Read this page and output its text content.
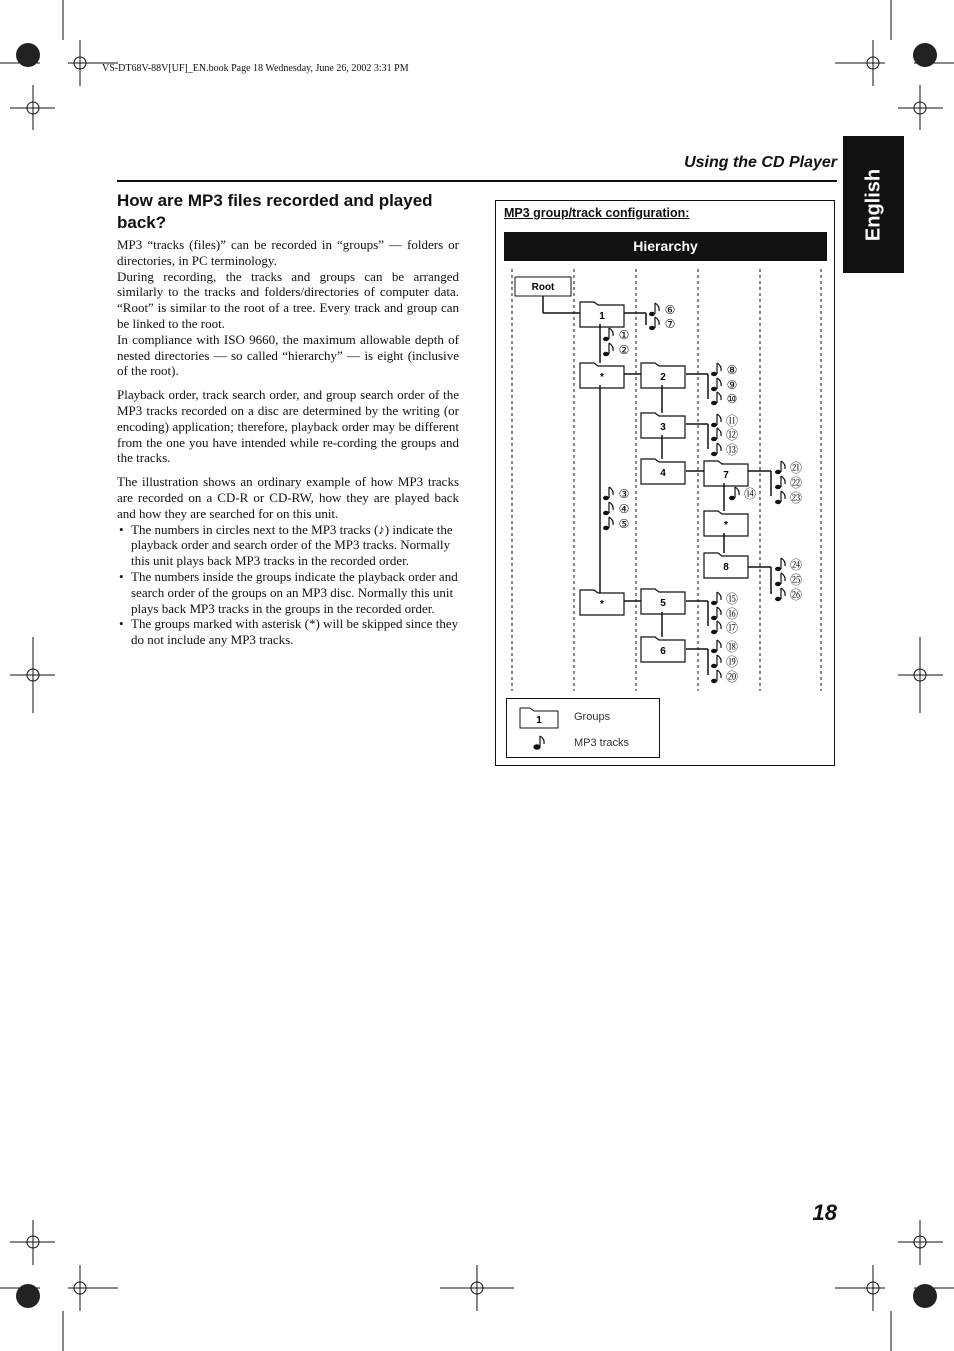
VS-DT68V-88V[UF]_EN.book Page 18 Wednesday, June 26, 2002 3:31 PM
Using the CD Player
English
How are MP3 files recorded and played back?

MP3 “tracks (files)” can be recorded in “groups” — folders or directories, in PC terminology.

During recording, the tracks and groups can be arranged similarly to the tracks and folders/directories of computer data. “Root” is similar to the root of a tree. Every track and group can be linked to the root.

In compliance with ISO 9660, the maximum allowable depth of nested directories — so called “hierarchy” — is eight (inclusive of the root).

Playback order, track search order, and group search order of the MP3 tracks recorded on a disc are determined by the writing (or encoding) application; therefore, playback order may be different from the one you have intended while re-cording the groups and the tracks.

The illustration shows an ordinary example of how MP3 tracks are recorded on a CD-R or CD-RW, how they are played back and how they are searched for on this unit.

• The numbers in circles next to the MP3 tracks (♪) indicate the playback order and search order of the MP3 tracks. Normally this unit plays back MP3 tracks in the recorded order.
• The numbers inside the groups indicate the playback order and search order of the groups on an MP3 disc. Normally this unit plays back MP3 tracks in the groups in the recorded order.
• The groups marked with asterisk (*) will be skipped since they do not include any MP3 tracks.
MP3 group/track configuration:
Hierarchy
Root
1	⑥
⑦
①
②
*	2
⑧
⑨
⑩
3	⑪
⑫
⑬
4	7
㉑
㉒
㉓
⑭
*
8	㉔
㉕
㉖
③
④
⑤
*	5	⑮
⑯
⑰
6	⑱
⑲
⑳
1	Groups
MP3 tracks
18
